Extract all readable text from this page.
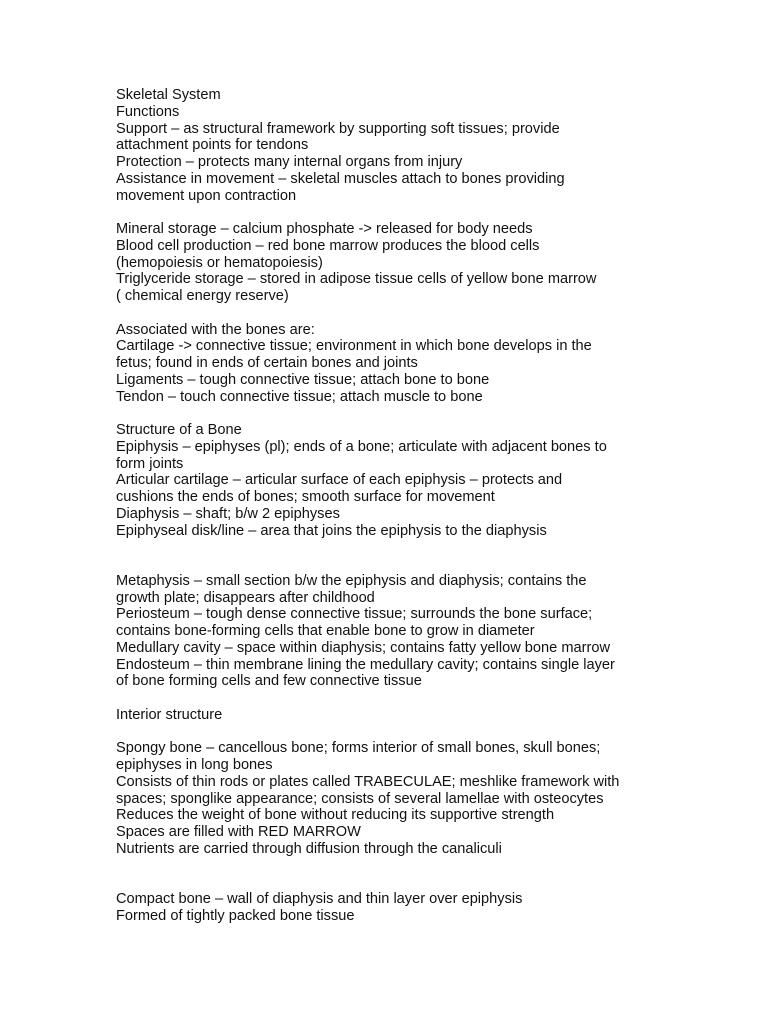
Skeletal System
Functions
Support – as structural framework by supporting soft tissues; provide
attachment points for tendons
Protection – protects many internal organs from injury
Assistance in movement – skeletal muscles attach to bones providing
movement upon contraction
Mineral storage – calcium phosphate -> released for body needs
Blood cell production – red bone marrow produces the blood cells
(hemopoiesis or hematopoiesis)
Triglyceride storage – stored in adipose tissue cells of yellow bone marrow
( chemical energy reserve)
Associated with the bones are:
Cartilage -> connective tissue; environment in which bone develops in the
fetus; found in ends of certain bones and joints
Ligaments – tough connective tissue; attach bone to bone
Tendon – touch connective tissue; attach muscle to bone
Structure of a Bone
Epiphysis – epiphyses (pl); ends of a bone; articulate with adjacent bones to
form joints
Articular cartilage – articular surface of each epiphysis – protects and
cushions the ends of bones; smooth surface for movement
Diaphysis – shaft; b/w 2 epiphyses
Epiphyseal disk/line – area that joins the epiphysis to the diaphysis
Metaphysis – small section b/w the epiphysis and diaphysis; contains the
growth plate; disappears after childhood
Periosteum – tough dense connective tissue; surrounds the bone surface;
contains bone-forming cells that enable bone to grow in diameter
Medullary cavity – space within diaphysis; contains fatty yellow bone marrow
Endosteum – thin membrane lining the medullary cavity; contains single layer
of bone forming cells and few connective tissue
Interior structure
Spongy bone – cancellous bone; forms interior of small bones, skull bones;
epiphyses in long bones
Consists of thin rods or plates called TRABECULAE; meshlike framework with
spaces; sponglike appearance; consists of several lamellae with osteocytes
Reduces the weight of bone without reducing its supportive strength
Spaces are filled with RED MARROW
Nutrients are carried through diffusion through the canaliculi
Compact bone – wall of diaphysis and thin layer over epiphysis
Formed of tightly packed bone tissue
